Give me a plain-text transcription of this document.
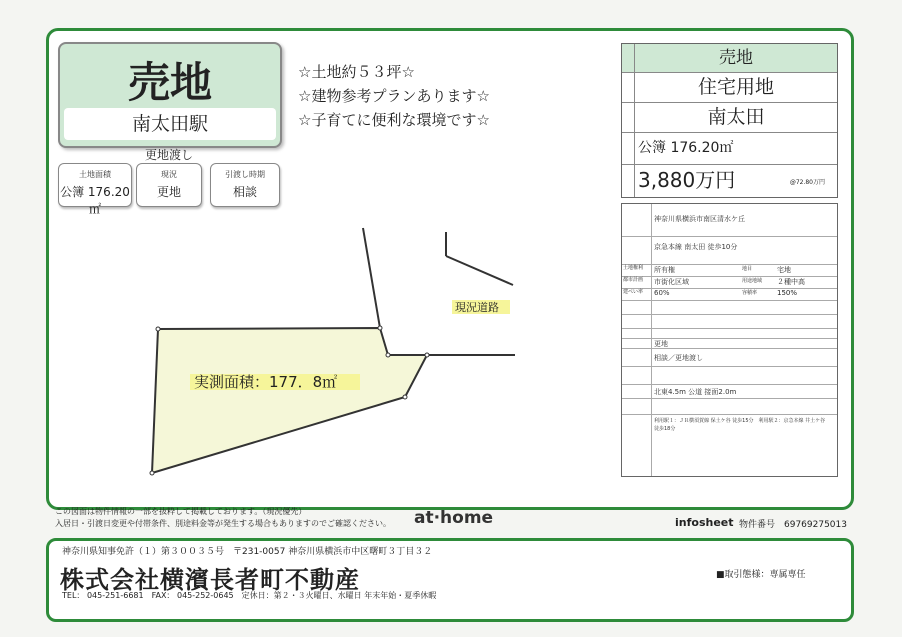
売地
南太田駅
更地渡し
土地面積
公簿 176.20㎡
現況
更地
引渡し時期
相談
☆土地約５３坪☆
☆建物参考プランあります☆
☆子育てに便利な環境です☆
現況道路
実測面積：177．8㎡
売地
住宅用地
南太田
公簿 176.20㎡
3,880万円	@72.80万円
神奈川県横浜市南区清水ケ丘
京急本線 南太田 徒歩10分
土地権利	所有権	地目	宅地
都市計画	市街化区域	用途地域 ２種中高
建ぺい率	60%	容積率	150%
更地
相談／更地渡し
北東4.5m 公道 接面2.0m
利用駅１：ＪＲ横須賀線 保土ケ谷 徒歩15分　利用駅２：京急本線 井土ケ谷 徒歩18分
この図面は物件情報の一部を抜粋して掲載しております。（現況優先）
入居日・引渡日変更や付帯条件、別途料金等が発生する場合もありますのでご確認ください。 at·home	infosheet 物件番号　69769275013
神奈川県知事免許（１）第３００３５号　〒231-0057 神奈川県横浜市中区曙町３丁目３２
株式会社横濱長者町不動産
TEL： 045-251-6681　FAX： 045-252-0645　定休日：第２・３火曜日、水曜日 年末年始・夏季休暇
■取引態様：専属専任
